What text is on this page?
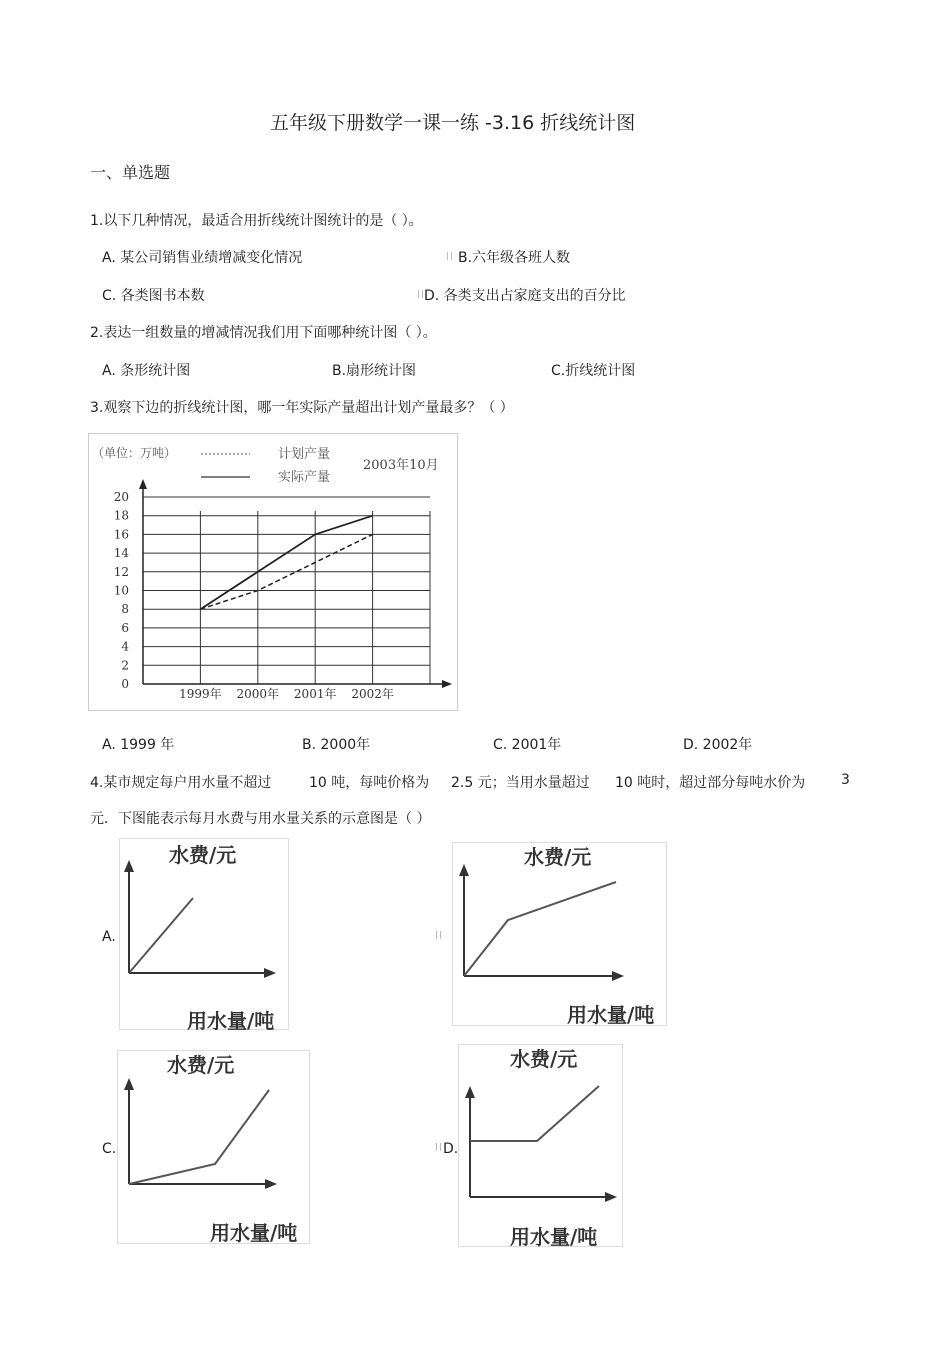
五年级下册数学一课一练 -3.16 折线统计图
一、单选题
1.以下几种情况，最适合用折线统计图统计的是（ ）。
A. 某公司销售业绩增减变化情况	B.六年级各班人数
C. 各类图书本数	D. 各类支出占家庭支出的百分比
2.表达一组数量的增减情况我们用下面哪种统计图（ ）。
A. 条形统计图	B.扇形统计图	C.折线统计图
3.观察下边的折线统计图，哪一年实际产量超出计划产量最多？（ ）
（单位：万吨）	计划产量
实际产量
2003年10月
0
2
4
6
8
10
12
14
16
18
20
1999年 2000年 2001年 2002年
A. 1999 年	B. 2000年	C. 2001年	D. 2002年
4.某市规定每户用水量不超过	10 吨，每吨价格为 2.5 元；当用水量超过 10 吨时，超过部分每吨水价为	3
元．下图能表示每月水费与用水量关系的示意图是（ ）
A.
水费/元
用水量/吨
水费/元
用水量/吨
C.
水费/元
用水量/吨
D.
水费/元
用水量/吨
